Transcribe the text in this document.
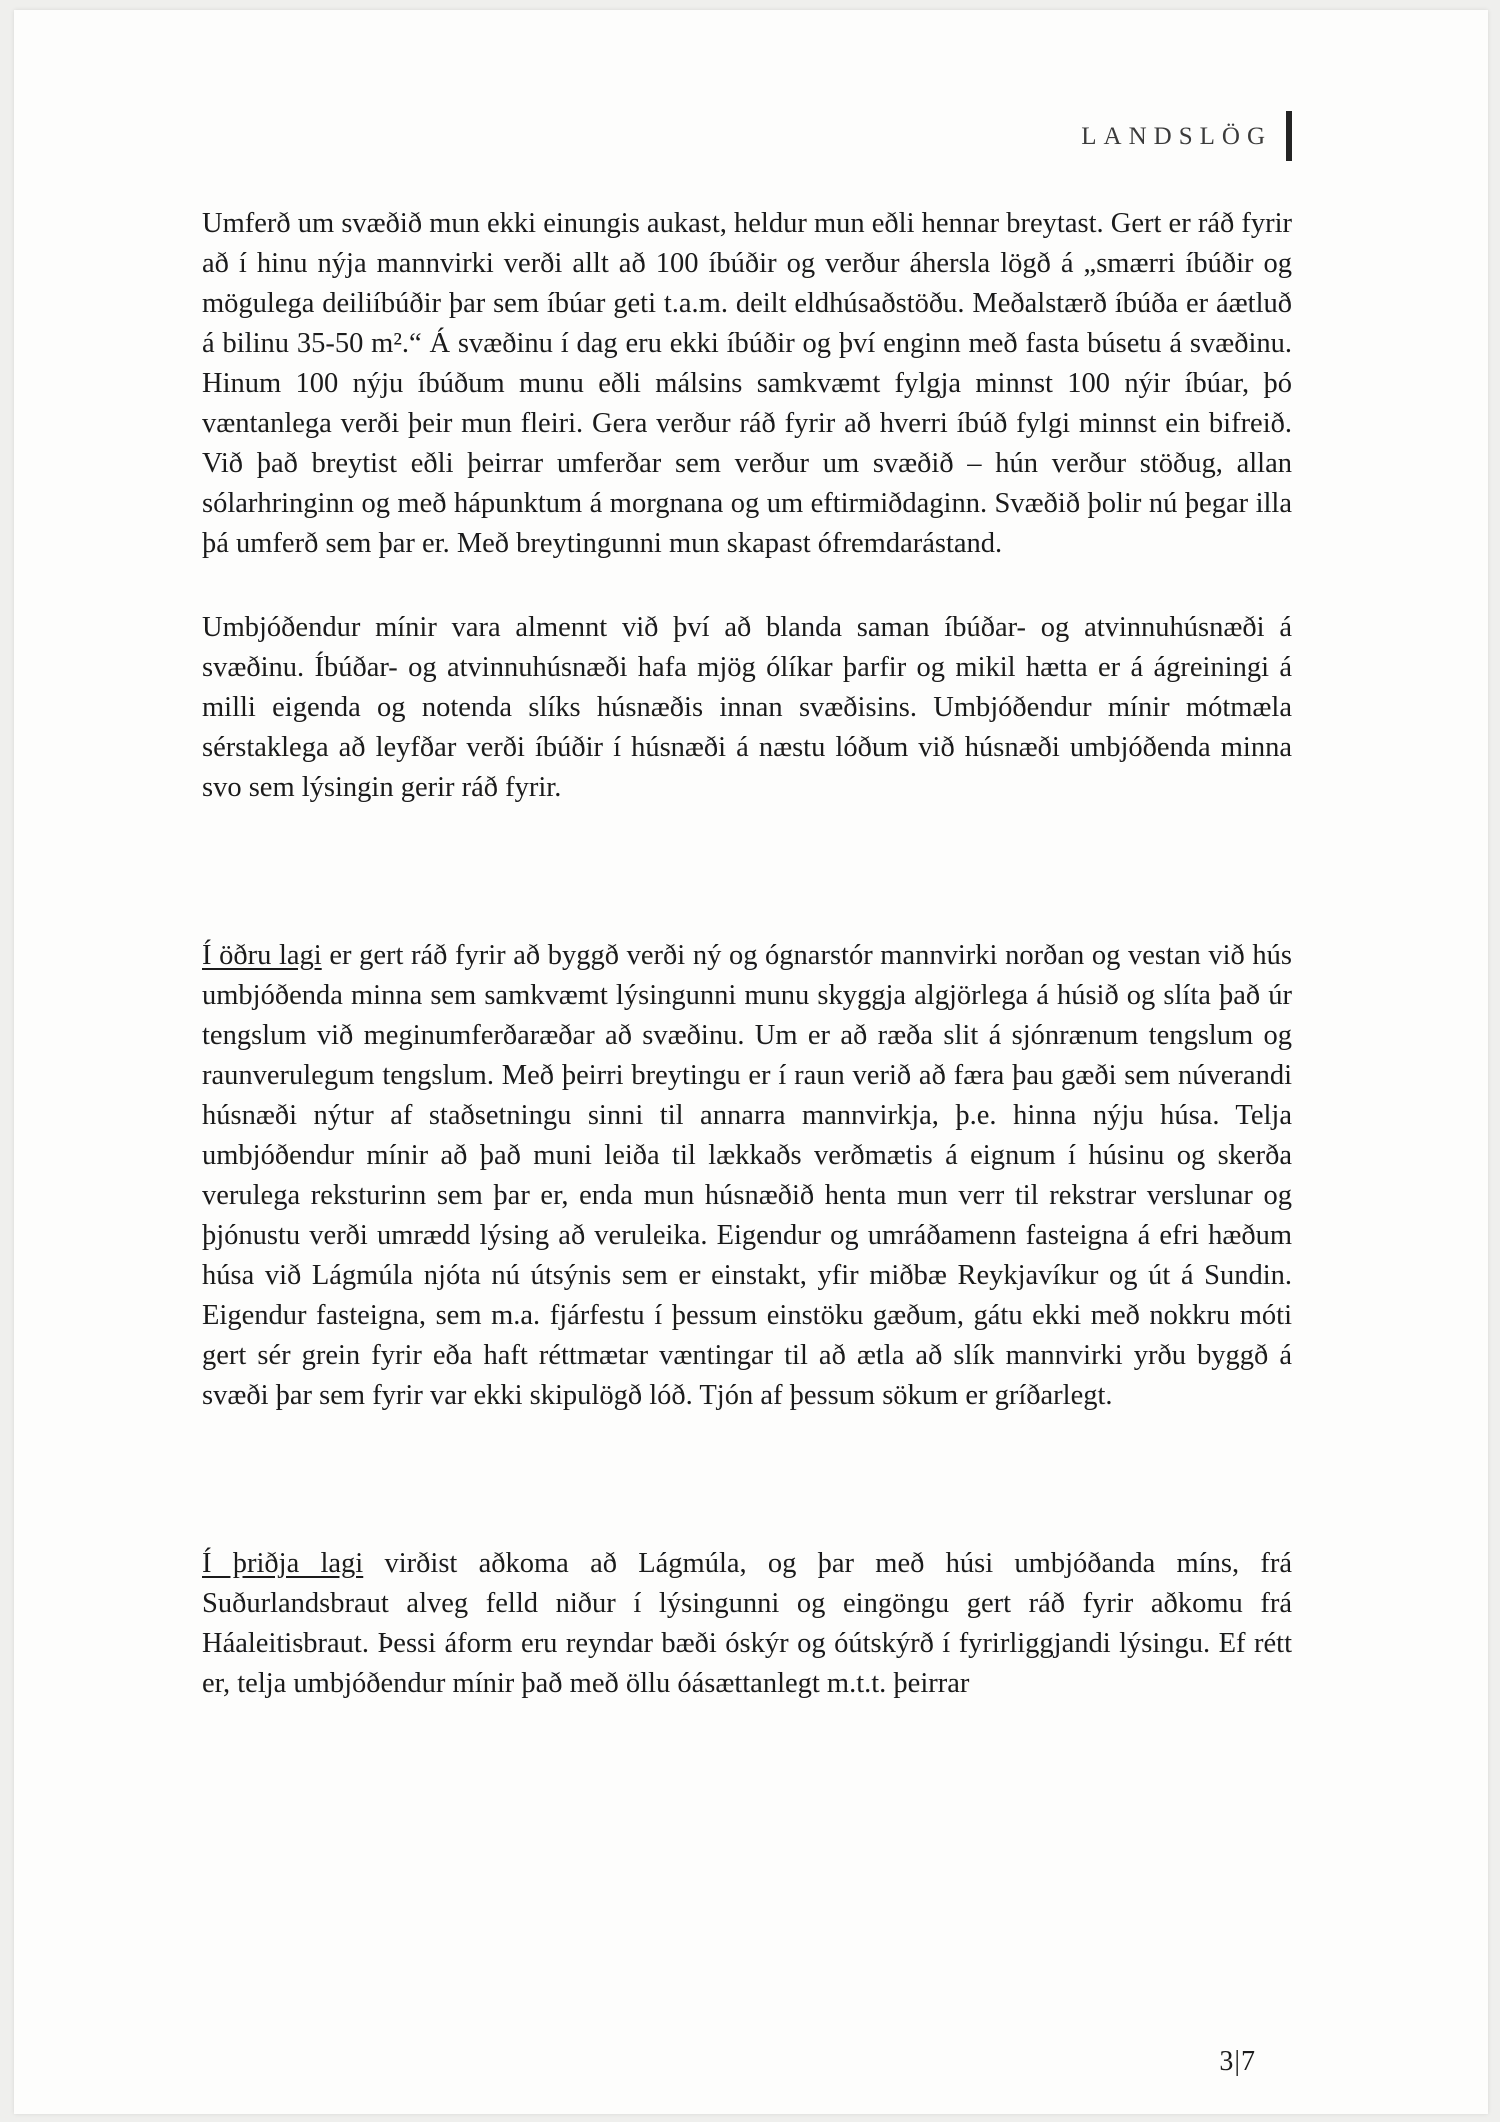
LANDSLÖG

Umferð um svæðið mun ekki einungis aukast, heldur mun eðli hennar breytast. Gert er ráð fyrir að í hinu nýja mannvirki verði allt að 100 íbúðir og verður áhersla lögð á „smærri íbúðir og mögulega deiliíbúðir þar sem íbúar geti t.a.m. deilt eldhúsaðstöðu. Meðalstærð íbúða er áætluð á bilinu 35-50 m².“ Á svæðinu í dag eru ekki íbúðir og því enginn með fasta búsetu á svæðinu. Hinum 100 nýju íbúðum munu eðli málsins samkvæmt fylgja minnst 100 nýir íbúar, þó væntanlega verði þeir mun fleiri. Gera verður ráð fyrir að hverri íbúð fylgi minnst ein bifreið. Við það breytist eðli þeirrar umferðar sem verður um svæðið – hún verður stöðug, allan sólarhringinn og með hápunktum á morgnana og um eftirmiðdaginn. Svæðið þolir nú þegar illa þá umferð sem þar er. Með breytingunni mun skapast ófremdarástand.

Umbjóðendur mínir vara almennt við því að blanda saman íbúðar- og atvinnuhúsnæði á svæðinu. Íbúðar- og atvinnuhúsnæði hafa mjög ólíkar þarfir og mikil hætta er á ágreiningi á milli eigenda og notenda slíks húsnæðis innan svæðisins. Umbjóðendur mínir mótmæla sérstaklega að leyfðar verði íbúðir í húsnæði á næstu lóðum við húsnæði umbjóðenda minna svo sem lýsingin gerir ráð fyrir.

Í öðru lagi er gert ráð fyrir að byggð verði ný og ógnarstór mannvirki norðan og vestan við hús umbjóðenda minna sem samkvæmt lýsingunni munu skyggja algjörlega á húsið og slíta það úr tengslum við meginumferðaræðar að svæðinu. Um er að ræða slit á sjónrænum tengslum og raunverulegum tengslum. Með þeirri breytingu er í raun verið að færa þau gæði sem núverandi húsnæði nýtur af staðsetningu sinni til annarra mannvirkja, þ.e. hinna nýju húsa. Telja umbjóðendur mínir að það muni leiða til lækkaðs verðmætis á eignum í húsinu og skerða verulega reksturinn sem þar er, enda mun húsnæðið henta mun verr til rekstrar verslunar og þjónustu verði umrædd lýsing að veruleika. Eigendur og umráðamenn fasteigna á efri hæðum húsa við Lágmúla njóta nú útsýnis sem er einstakt, yfir miðbæ Reykjavíkur og út á Sundin. Eigendur fasteigna, sem m.a. fjárfestu í þessum einstöku gæðum, gátu ekki með nokkru móti gert sér grein fyrir eða haft réttmætar væntingar til að ætla að slík mannvirki yrðu byggð á svæði þar sem fyrir var ekki skipulögð lóð. Tjón af þessum sökum er gríðarlegt.

Í þriðja lagi virðist aðkoma að Lágmúla, og þar með húsi umbjóðanda míns, frá Suðurlandsbraut alveg felld niður í lýsingunni og eingöngu gert ráð fyrir aðkomu frá Háaleitisbraut. Þessi áform eru reyndar bæði óskýr og óútskýrð í fyrirliggjandi lýsingu. Ef rétt er, telja umbjóðendur mínir það með öllu óásættanlegt m.t.t. þeirrar

3|7
